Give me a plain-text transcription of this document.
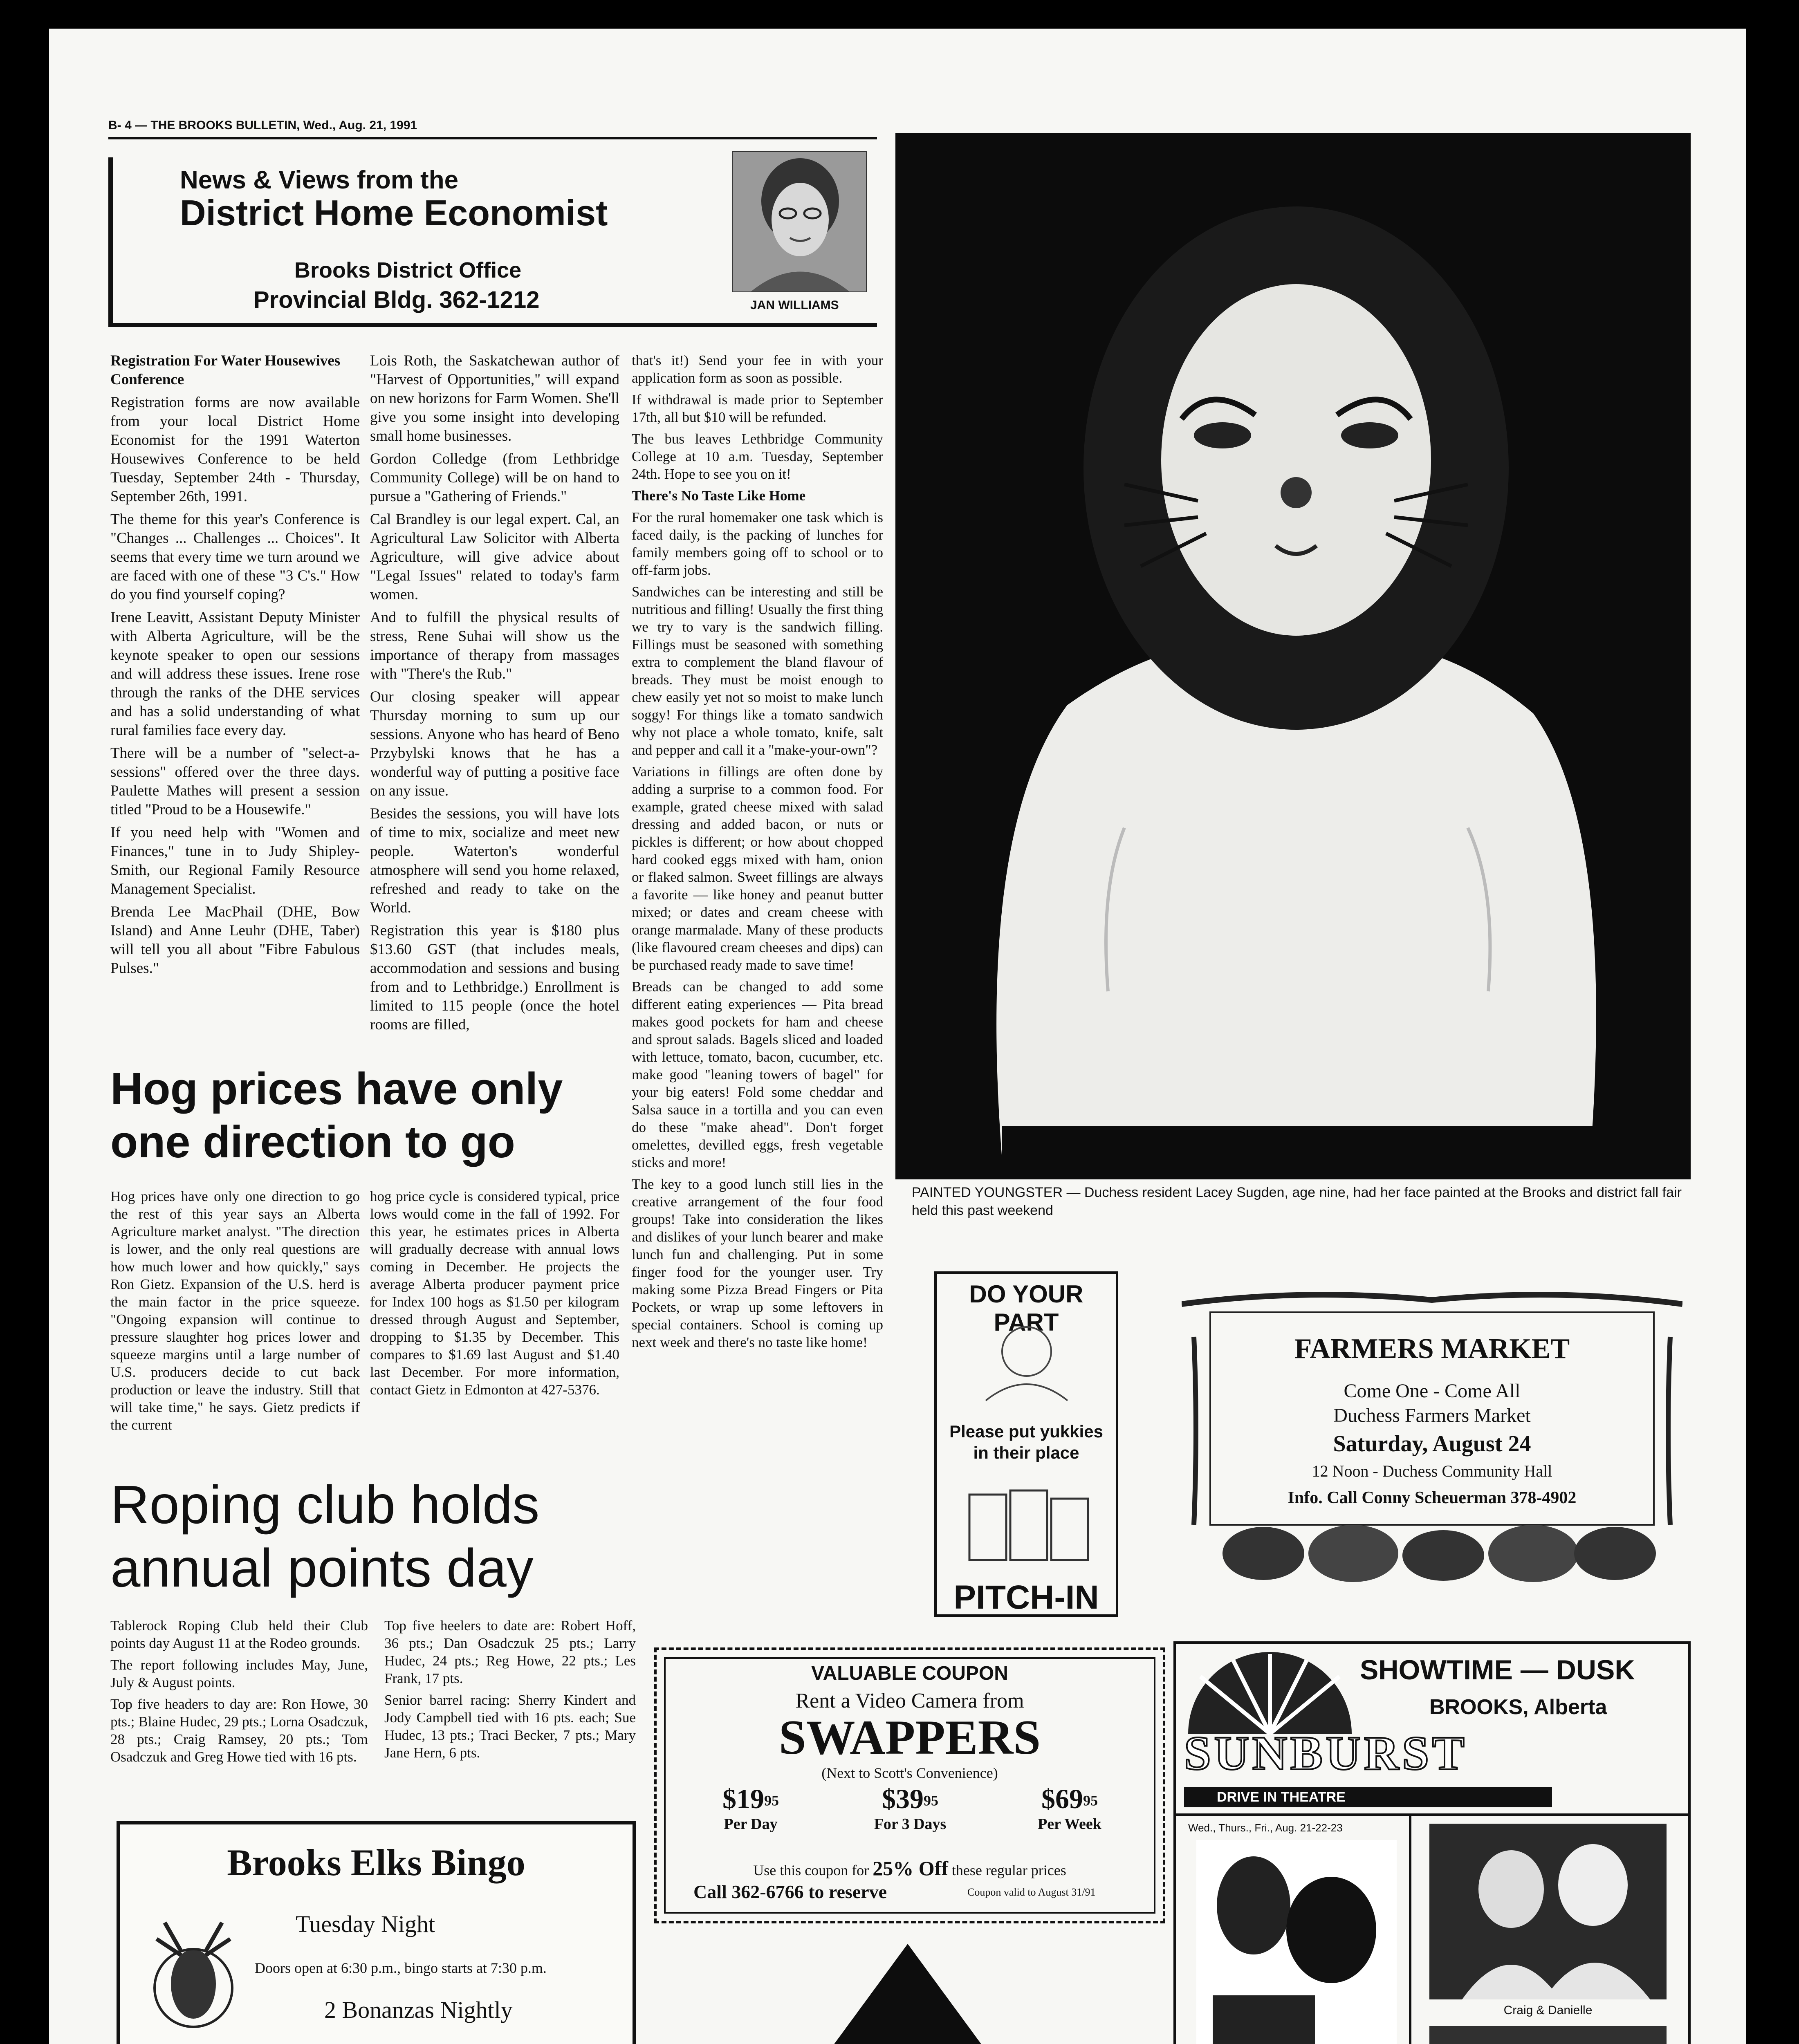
B- 4 — THE BROOKS BULLETIN, Wed., Aug. 21, 1991
News & Views from the
District Home Economist
Brooks District Office
Provincial Bldg. 362-1212	JAN WILLIAMS

Registration For Water Housewives Conference

Registration forms are now available from your local District Home Economist for the 1991 Waterton Housewives Conference to be held Tuesday, September 24th - Thursday, September 26th, 1991.

The theme for this year's Conference is "Changes ... Challenges ... Choices". It seems that every time we turn around we are faced with one of these "3 C's." How do you find yourself coping?

Irene Leavitt, Assistant Deputy Minister with Alberta Agriculture, will be the keynote speaker to open our sessions and will address these issues. Irene rose through the ranks of the DHE services and has a solid understanding of what rural families face every day.

There will be a number of "select-a-sessions" offered over the three days. Paulette Mathes will present a session titled "Proud to be a Housewife."

If you need help with "Women and Finances," tune in to Judy Shipley-Smith, our Regional Family Resource Management Specialist.

Brenda Lee MacPhail (DHE, Bow Island) and Anne Leuhr (DHE, Taber) will tell you all about "Fibre Fabulous Pulses."

Lois Roth, the Saskatchewan author of "Harvest of Opportunities," will expand on new horizons for Farm Women. She'll give you some insight into developing small home businesses.

Gordon Colledge (from Lethbridge Community College) will be on hand to pursue a "Gathering of Friends."

Cal Brandley is our legal expert. Cal, an Agricultural Law Solicitor with Alberta Agriculture, will give advice about "Legal Issues" related to today's farm women.

And to fulfill the physical results of stress, Rene Suhai will show us the importance of therapy from massages with "There's the Rub."

Our closing speaker will appear Thursday morning to sum up our sessions. Anyone who has heard of Beno Przybylski knows that he has a wonderful way of putting a positive face on any issue.

Besides the sessions, you will have lots of time to mix, socialize and meet new people. Waterton's wonderful atmosphere will send you home relaxed, refreshed and ready to take on the World.

Registration this year is $180 plus $13.60 GST (that includes meals, accommodation and sessions and busing from and to Lethbridge.) Enrollment is limited to 115 people (once the hotel rooms are filled,

that's it!) Send your fee in with your application form as soon as possible.

If withdrawal is made prior to September 17th, all but $10 will be refunded.

The bus leaves Lethbridge Community College at 10 a.m. Tuesday, September 24th. Hope to see you on it!

There's No Taste Like Home

For the rural homemaker one task which is faced daily, is the packing of lunches for family members going off to school or to off-farm jobs.

Sandwiches can be interesting and still be nutritious and filling! Usually the first thing we try to vary is the sandwich filling. Fillings must be seasoned with something extra to complement the bland flavour of breads. They must be moist enough to chew easily yet not so moist to make lunch soggy! For things like a tomato sandwich why not place a whole tomato, knife, salt and pepper and call it a "make-your-own"?

Variations in fillings are often done by adding a surprise to a common food. For example, grated cheese mixed with salad dressing and added bacon, or nuts or pickles is different; or how about chopped hard cooked eggs mixed with ham, onion or flaked salmon. Sweet fillings are always a favorite — like honey and peanut butter mixed; or dates and cream cheese with orange marmalade. Many of these products (like flavoured cream cheeses and dips) can be purchased ready made to save time!

Breads can be changed to add some different eating experiences — Pita bread makes good pockets for ham and cheese and sprout salads. Bagels sliced and loaded with lettuce, tomato, bacon, cucumber, etc. make good "leaning towers of bagel" for your big eaters! Fold some cheddar and Salsa sauce in a tortilla and you can even do these "make ahead". Don't forget omelettes, devilled eggs, fresh vegetable sticks and more!

The key to a good lunch still lies in the creative arrangement of the four food groups! Take into consideration the likes and dislikes of your lunch bearer and make lunch fun and challenging. Put in some finger food for the younger user. Try making some Pizza Bread Fingers or Pita Pockets, or wrap up some leftovers in special containers. School is coming up next week and there's no taste like home!

Hog prices have only
one direction to go
Hog prices have only one direction to go the rest of this year says an Alberta Agriculture market analyst. "The direction is lower, and the only real questions are how much lower and how quickly," says Ron Gietz. Expansion of the U.S. herd is the main factor in the price squeeze. "Ongoing expansion will continue to pressure slaughter hog prices lower and squeeze margins until a large number of U.S. producers decide to cut back production or leave the industry. Still that will take time," he says. Gietz predicts if the current
hog price cycle is considered typical, price lows would come in the fall of 1992. For this year, he estimates prices in Alberta will gradually decrease with annual lows coming in December. He projects the average Alberta producer payment price for Index 100 hogs as $1.50 per kilogram dressed through August and September, dropping to $1.35 by December. This compares to $1.69 last August and $1.40 last December. For more information, contact Gietz in Edmonton at 427-5376.
Roping club holds
annual points day

Tablerock Roping Club held their Club points day August 11 at the Rodeo grounds.

The report following includes May, June, July & August points.

Top five headers to day are: Ron Howe, 30 pts.; Blaine Hudec, 29 pts.; Lorna Osadczuk, 28 pts.; Craig Ramsey, 20 pts.; Tom Osadczuk and Greg Howe tied with 16 pts.

Top five heelers to date are: Robert Hoff, 36 pts.; Dan Osadczuk 25 pts.; Larry Hudec, 24 pts.; Reg Howe, 22 pts.; Les Frank, 17 pts.

Senior barrel racing: Sherry Kindert and Jody Campbell tied with 16 pts. each; Sue Hudec, 13 pts.; Traci Becker, 7 pts.; Mary Jane Hern, 6 pts.

PAINTED YOUNGSTER — Duchess resident Lacey Sugden, age nine, had her face painted at the Brooks and district fall fair held this past weekend
DO YOUR PART
Please put yukkies in their place
PITCH-IN
FARMERS MARKET
Come One - Come All
Duchess Farmers Market
Saturday, August 24
12 Noon - Duchess Community Hall
Info. Call Conny Scheuerman 378-4902
Brooks Elks Bingo
Tuesday Night
Doors open at 6:30 p.m., bingo starts at 7:30 p.m.
2 Bonanzas Nightly
VALUABLE COUPON
Rent a Video Camera from
SWAPPERS
(Next to Scott's Convenience)
$\$19^{95}$
Per Day
$\$39^{95}$
For 3 Days
$\$69^{95}$
Per Week
Use this coupon for 25% Off these regular prices
Call 362-6766 to reserve	Coupon valid to August 31/91
SHOWTIME — DUSK
BROOKS, Alberta
SUNBURST
DRIVE IN THEATRE
Wed., Thurs., Fri., Aug. 21-22-23
Craig & Danielle
